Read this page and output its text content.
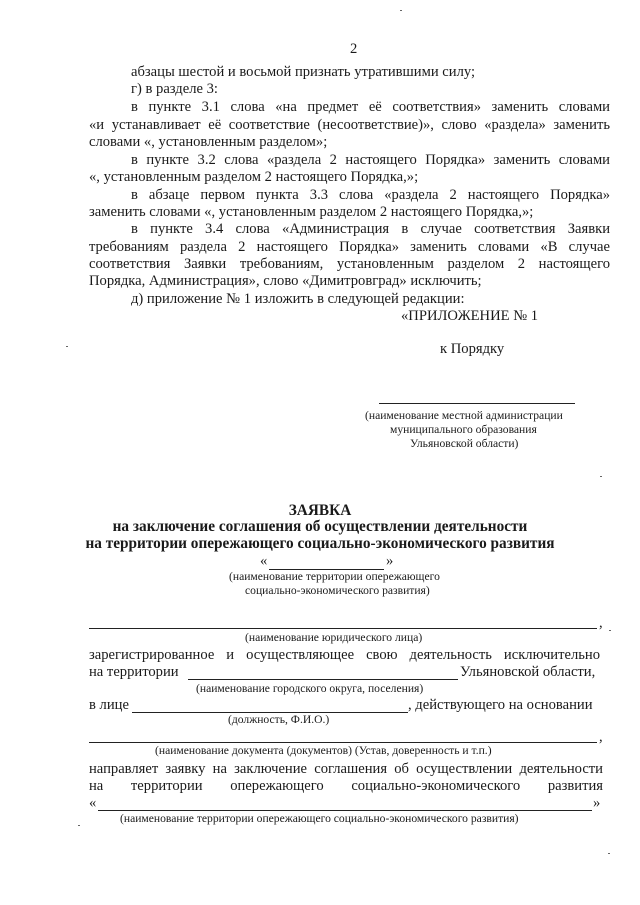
2
абзацы шестой и восьмой признать утратившими силу;
г) в разделе 3:
в пункте 3.1 слова «на предмет её соответствия» заменить словами
«и устанавливает её соответствие (несоответствие)», слово «раздела» заменить
словами «, установленным разделом»;
в пункте 3.2 слова «раздела 2 настоящего Порядка» заменить словами
«, установленным разделом 2 настоящего Порядка,»;
в абзаце первом пункта 3.3 слова «раздела 2 настоящего Порядка»
заменить словами «, установленным разделом 2 настоящего Порядка,»;
в пункте 3.4 слова «Администрация в случае соответствия Заявки
требованиям раздела 2 настоящего Порядка» заменить словами «В случае
соответствия Заявки требованиям, установленным разделом 2 настоящего
Порядка, Администрация», слово «Димитровград» исключить;
д) приложение № 1 изложить в следующей редакции:
«ПРИЛОЖЕНИЕ № 1
к Порядку
(наименование местной администрации
муниципального образования
Ульяновской области)
ЗАЯВКА
на заключение соглашения об осуществлении деятельности
на территории опережающего социально-экономического развития
«	»
(наименование территории опережающего
социально-экономического развития)
,
(наименование юридического лица)
зарегистрированное и осуществляющее свою деятельность исключительно
на территории	Ульяновской области,
(наименование городского округа, поселения)
в лице	, действующего на основании
(должность, Ф.И.О.)
,
(наименование документа (документов) (Устав, доверенность и т.п.)
направляет заявку на заключение соглашения об осуществлении деятельности
на территории опережающего социально-экономического развития
«	»
(наименование территории опережающего социально-экономического развития)
